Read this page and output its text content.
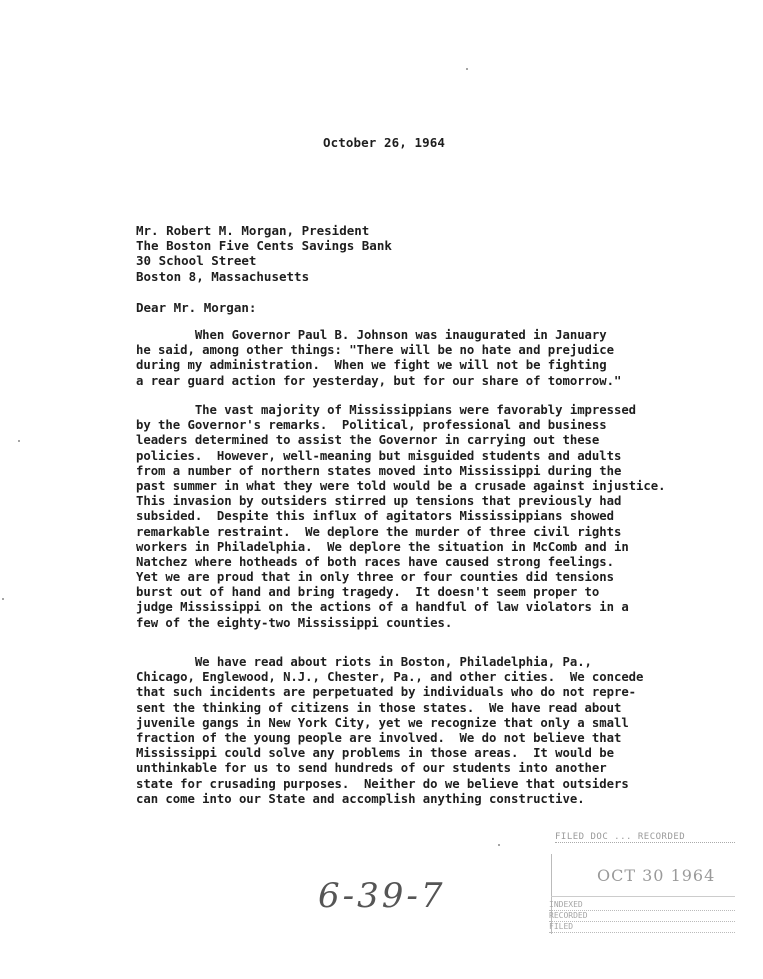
October 26, 1964
Mr. Robert M. Morgan, President
The Boston Five Cents Savings Bank
30 School Street
Boston 8, Massachusetts
Dear Mr. Morgan:
When Governor Paul B. Johnson was inaugurated in January
he said, among other things: "There will be no hate and prejudice
during my administration.  When we fight we will not be fighting
a rear guard action for yesterday, but for our share of tomorrow."
The vast majority of Mississippians were favorably impressed
by the Governor's remarks.  Political, professional and business
leaders determined to assist the Governor in carrying out these
policies.  However, well-meaning but misguided students and adults
from a number of northern states moved into Mississippi during the
past summer in what they were told would be a crusade against injustice.
This invasion by outsiders stirred up tensions that previously had
subsided.  Despite this influx of agitators Mississippians showed
remarkable restraint.  We deplore the murder of three civil rights
workers in Philadelphia.  We deplore the situation in McComb and in
Natchez where hotheads of both races have caused strong feelings.
Yet we are proud that in only three or four counties did tensions
burst out of hand and bring tragedy.  It doesn't seem proper to
judge Mississippi on the actions of a handful of law violators in a
few of the eighty-two Mississippi counties.
We have read about riots in Boston, Philadelphia, Pa.,
Chicago, Englewood, N.J., Chester, Pa., and other cities.  We concede
that such incidents are perpetuated by individuals who do not repre-
sent the thinking of citizens in those states.  We have read about
juvenile gangs in New York City, yet we recognize that only a small
fraction of the young people are involved.  We do not believe that
Mississippi could solve any problems in those areas.  It would be
unthinkable for us to send hundreds of our students into another
state for crusading purposes.  Neither do we believe that outsiders
can come into our State and accomplish anything constructive.
6-39-7
FILED DOC ... RECORDED
OCT 30 1964
INDEXED
RECORDED
FILED
